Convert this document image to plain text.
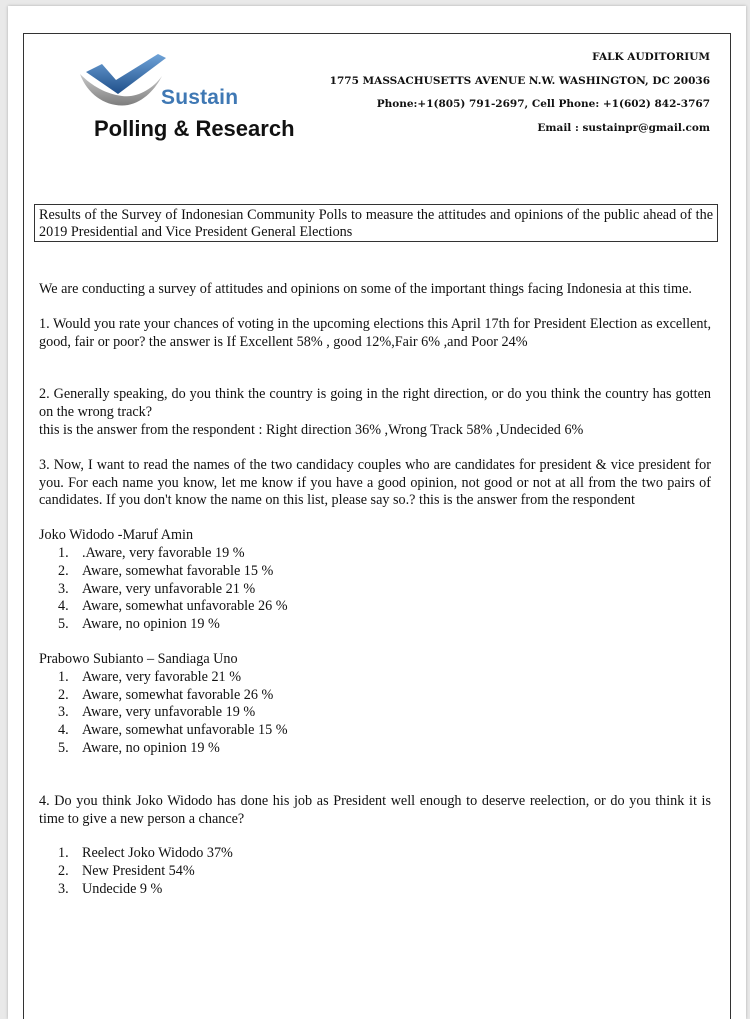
Sustain
Polling & Research
FALK AUDITORIUM
1775 MASSACHUSETTS AVENUE N.W. WASHINGTON, DC 20036
Phone:+1(805) 791-2697, Cell Phone: +1(602) 842-3767
Email : sustainpr@gmail.com
Results of the Survey of Indonesian Community Polls to measure the attitudes and opinions of the public ahead of the 2019 Presidential and Vice President General Elections

We are conducting a survey of attitudes and opinions on some of the important things facing Indonesia at this time.

1. Would you rate your chances of voting in the upcoming elections this April 17th for President Election as excellent, good, fair or poor? the answer is If Excellent 58% , good 12%,Fair 6% ,and Poor 24%

2. Generally speaking, do you think the country is going in the right direction, or do you think the country has gotten on the wrong track?

this is the answer from the respondent : Right direction 36% ,Wrong Track 58% ,Undecided 6%

3. Now, I want to read the names of the two candidacy couples who are candidates for president & vice president for you. For each name you know, let me know if you have a good opinion, not good or not at all from the two pairs of candidates. If you don't know the name on this list, please say so.? this is the answer from the respondent

Joko Widodo -Maruf Amin

1. .Aware, very favorable 19 %
2. Aware, somewhat favorable 15 %
3. Aware, very unfavorable 21 %
4. Aware, somewhat unfavorable 26 %
5. Aware, no opinion 19 %

Prabowo Subianto – Sandiaga Uno

1. Aware, very favorable 21 %
2. Aware, somewhat favorable 26 %
3. Aware, very unfavorable 19 %
4. Aware, somewhat unfavorable 15 %
5. Aware, no opinion 19 %

4. Do you think Joko Widodo has done his job as President well enough to deserve reelection, or do you think it is time to give a new person a chance?

1. Reelect Joko Widodo 37%
2. New President 54%
3. Undecide 9 %
